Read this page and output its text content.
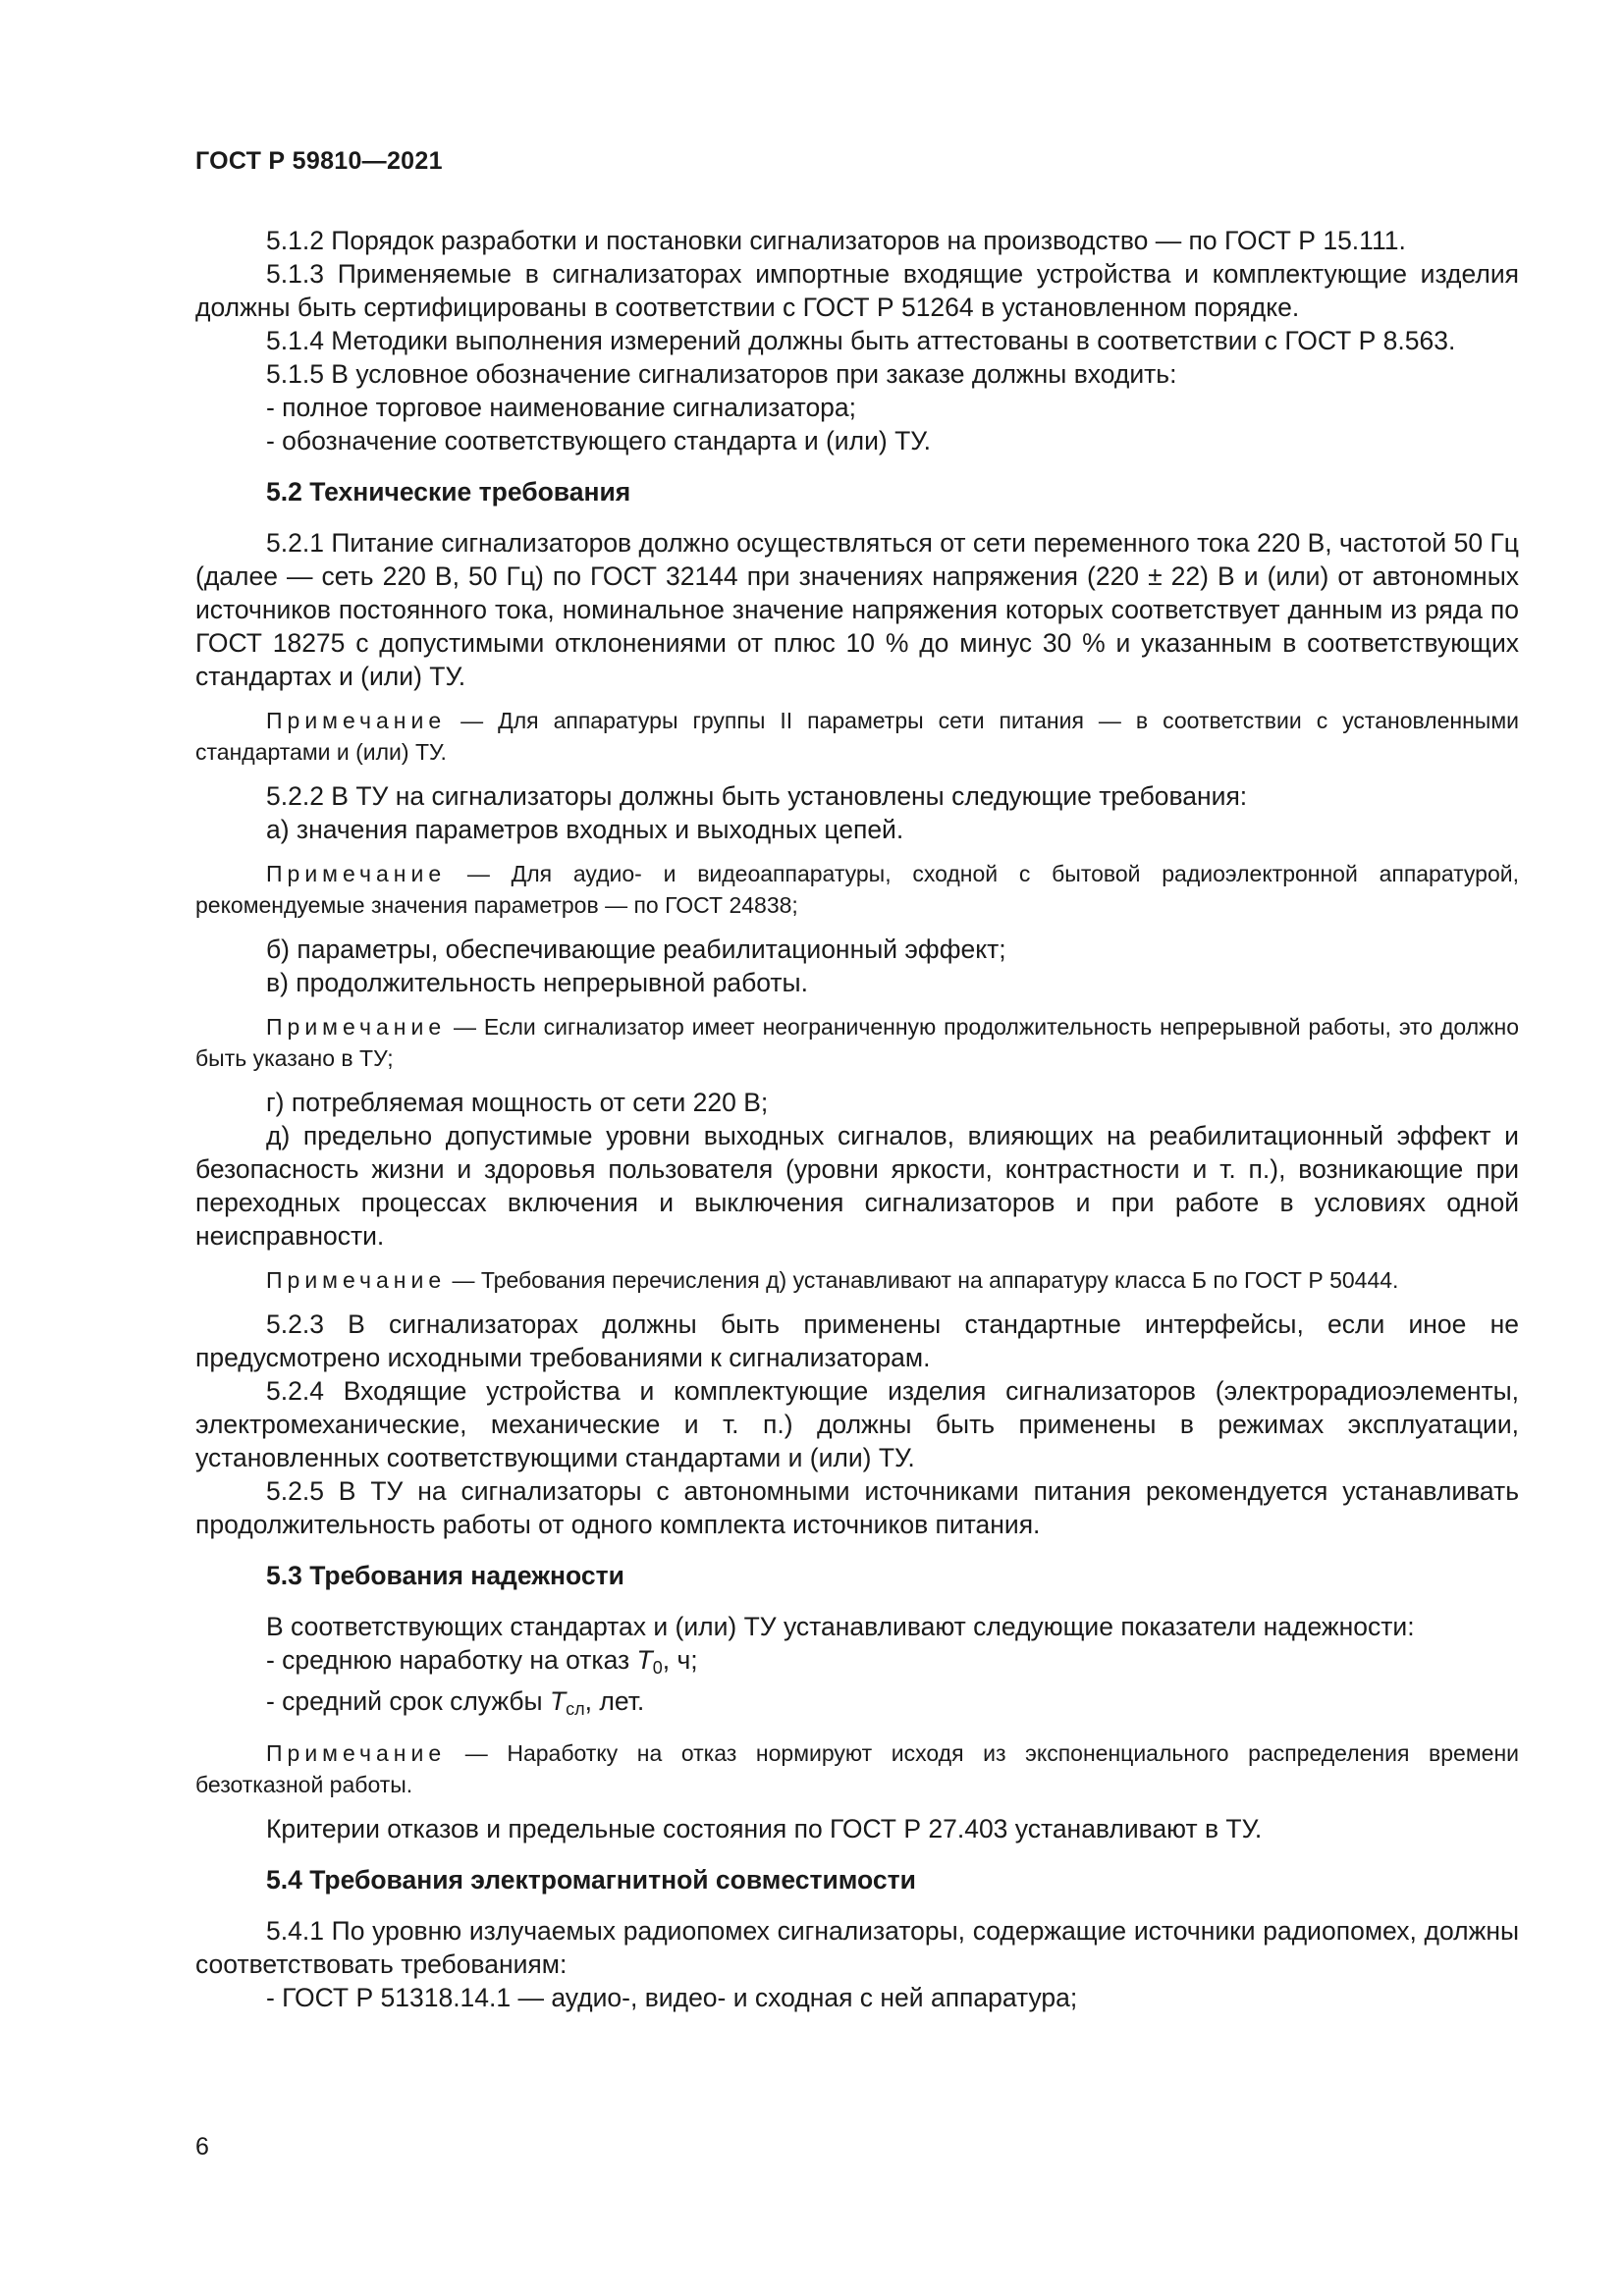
ГОСТ Р 59810—2021

5.1.2 Порядок разработки и постановки сигнализаторов на производство — по ГОСТ Р 15.111.

5.1.3 Применяемые в сигнализаторах импортные входящие устройства и комплектующие изделия должны быть сертифицированы в соответствии с ГОСТ Р 51264 в установленном порядке.

5.1.4 Методики выполнения измерений должны быть аттестованы в соответствии с ГОСТ Р 8.563.

5.1.5 В условное обозначение сигнализаторов при заказе должны входить:

- полное торговое наименование сигнализатора;

- обозначение соответствующего стандарта и (или) ТУ.

5.2 Технические требования

5.2.1 Питание сигнализаторов должно осуществляться от сети переменного тока 220 В, частотой 50 Гц (далее — сеть 220 В, 50 Гц) по ГОСТ 32144 при значениях напряжения (220 ± 22) В и (или) от автономных источников постоянного тока, номинальное значение напряжения которых соответствует данным из ряда по ГОСТ 18275 с допустимыми отклонениями от плюс 10 % до минус 30 % и указанным в соответствующих стандартах и (или) ТУ.

Примечание — Для аппаратуры группы II параметры сети питания — в соответствии с установленными стандартами и (или) ТУ.

5.2.2 В ТУ на сигнализаторы должны быть установлены следующие требования:

а) значения параметров входных и выходных цепей.

Примечание — Для аудио- и видеоаппаратуры, сходной с бытовой радиоэлектронной аппаратурой, рекомендуемые значения параметров — по ГОСТ 24838;

б) параметры, обеспечивающие реабилитационный эффект;

в) продолжительность непрерывной работы.

Примечание — Если сигнализатор имеет неограниченную продолжительность непрерывной работы, это должно быть указано в ТУ;

г) потребляемая мощность от сети 220 В;

д) предельно допустимые уровни выходных сигналов, влияющих на реабилитационный эффект и безопасность жизни и здоровья пользователя (уровни яркости, контрастности и т. п.), возникающие при переходных процессах включения и выключения сигнализаторов и при работе в условиях одной неисправности.

Примечание — Требования перечисления д) устанавливают на аппаратуру класса Б по ГОСТ Р 50444.

5.2.3 В сигнализаторах должны быть применены стандартные интерфейсы, если иное не предусмотрено исходными требованиями к сигнализаторам.

5.2.4 Входящие устройства и комплектующие изделия сигнализаторов (электрорадиоэлементы, электромеханические, механические и т. п.) должны быть применены в режимах эксплуатации, установленных соответствующими стандартами и (или) ТУ.

5.2.5 В ТУ на сигнализаторы с автономными источниками питания рекомендуется устанавливать продолжительность работы от одного комплекта источников питания.

5.3 Требования надежности

В соответствующих стандартах и (или) ТУ устанавливают следующие показатели надежности:

- среднюю наработку на отказ $T_0$, ч;

- средний срок службы $T_{сл}$, лет.

Примечание — Наработку на отказ нормируют исходя из экспоненциального распределения времени безотказной работы.

Критерии отказов и предельные состояния по ГОСТ Р 27.403 устанавливают в ТУ.

5.4 Требования электромагнитной совместимости

5.4.1 По уровню излучаемых радиопомех сигнализаторы, содержащие источники радиопомех, должны соответствовать требованиям:

- ГОСТ Р 51318.14.1 — аудио-, видео- и сходная с ней аппаратура;

6
